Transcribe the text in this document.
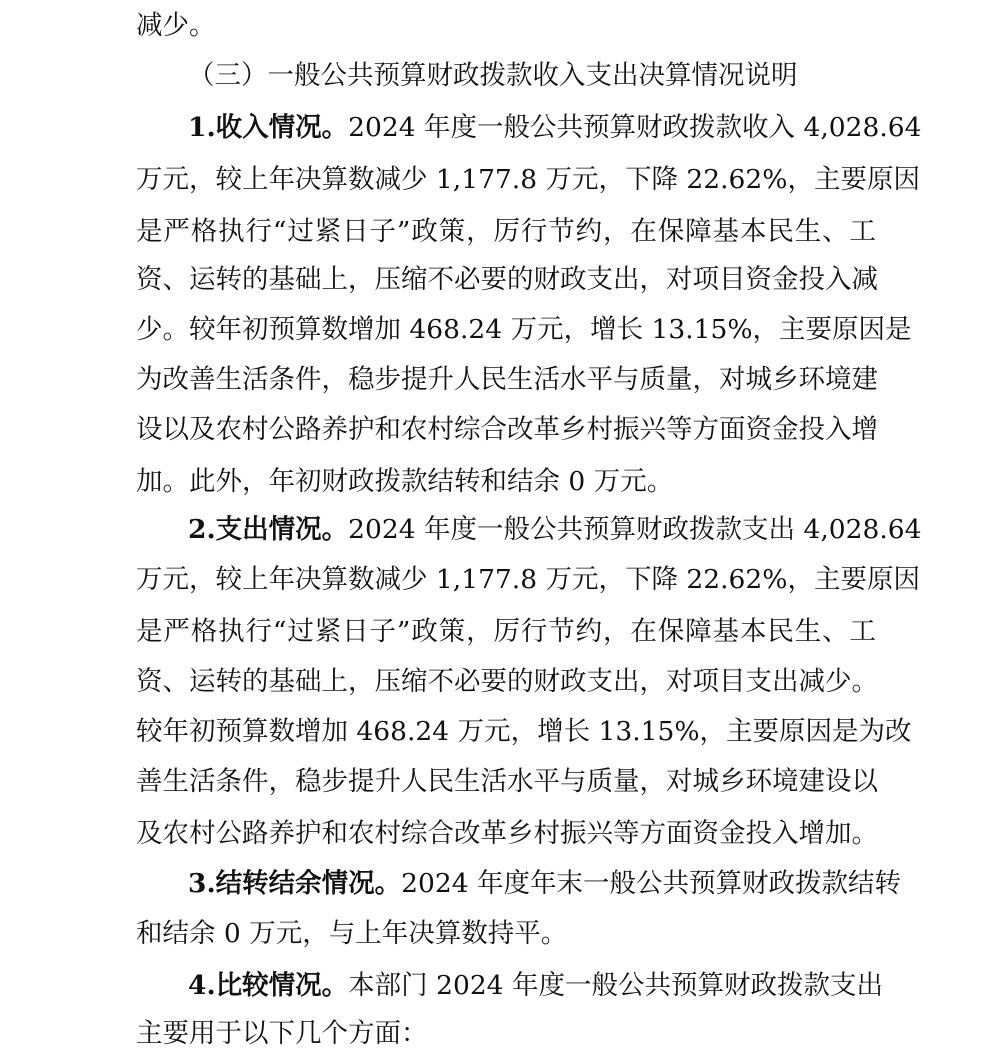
减少。
（三）一般公共预算财政拨款收入支出决算情况说明
1.收入情况。2024 年度一般公共预算财政拨款收入 4,028.64
万元，较上年决算数减少 1,177.8 万元，下降 22.62%，主要原因
是严格执行“过紧日子”政策，厉行节约，在保障基本民生、工
资、运转的基础上，压缩不必要的财政支出，对项目资金投入减
少。较年初预算数增加 468.24 万元，增长 13.15%，主要原因是
为改善生活条件，稳步提升人民生活水平与质量，对城乡环境建
设以及农村公路养护和农村综合改革乡村振兴等方面资金投入增
加。此外，年初财政拨款结转和结余 0 万元。
2.支出情况。2024 年度一般公共预算财政拨款支出 4,028.64
万元，较上年决算数减少 1,177.8 万元，下降 22.62%，主要原因
是严格执行“过紧日子”政策，厉行节约，在保障基本民生、工
资、运转的基础上，压缩不必要的财政支出，对项目支出减少。
较年初预算数增加 468.24 万元，增长 13.15%，主要原因是为改
善生活条件，稳步提升人民生活水平与质量，对城乡环境建设以
及农村公路养护和农村综合改革乡村振兴等方面资金投入增加。
3.结转结余情况。2024 年度年末一般公共预算财政拨款结转
和结余 0 万元，与上年决算数持平。
4.比较情况。本部门 2024 年度一般公共预算财政拨款支出
主要用于以下几个方面：
